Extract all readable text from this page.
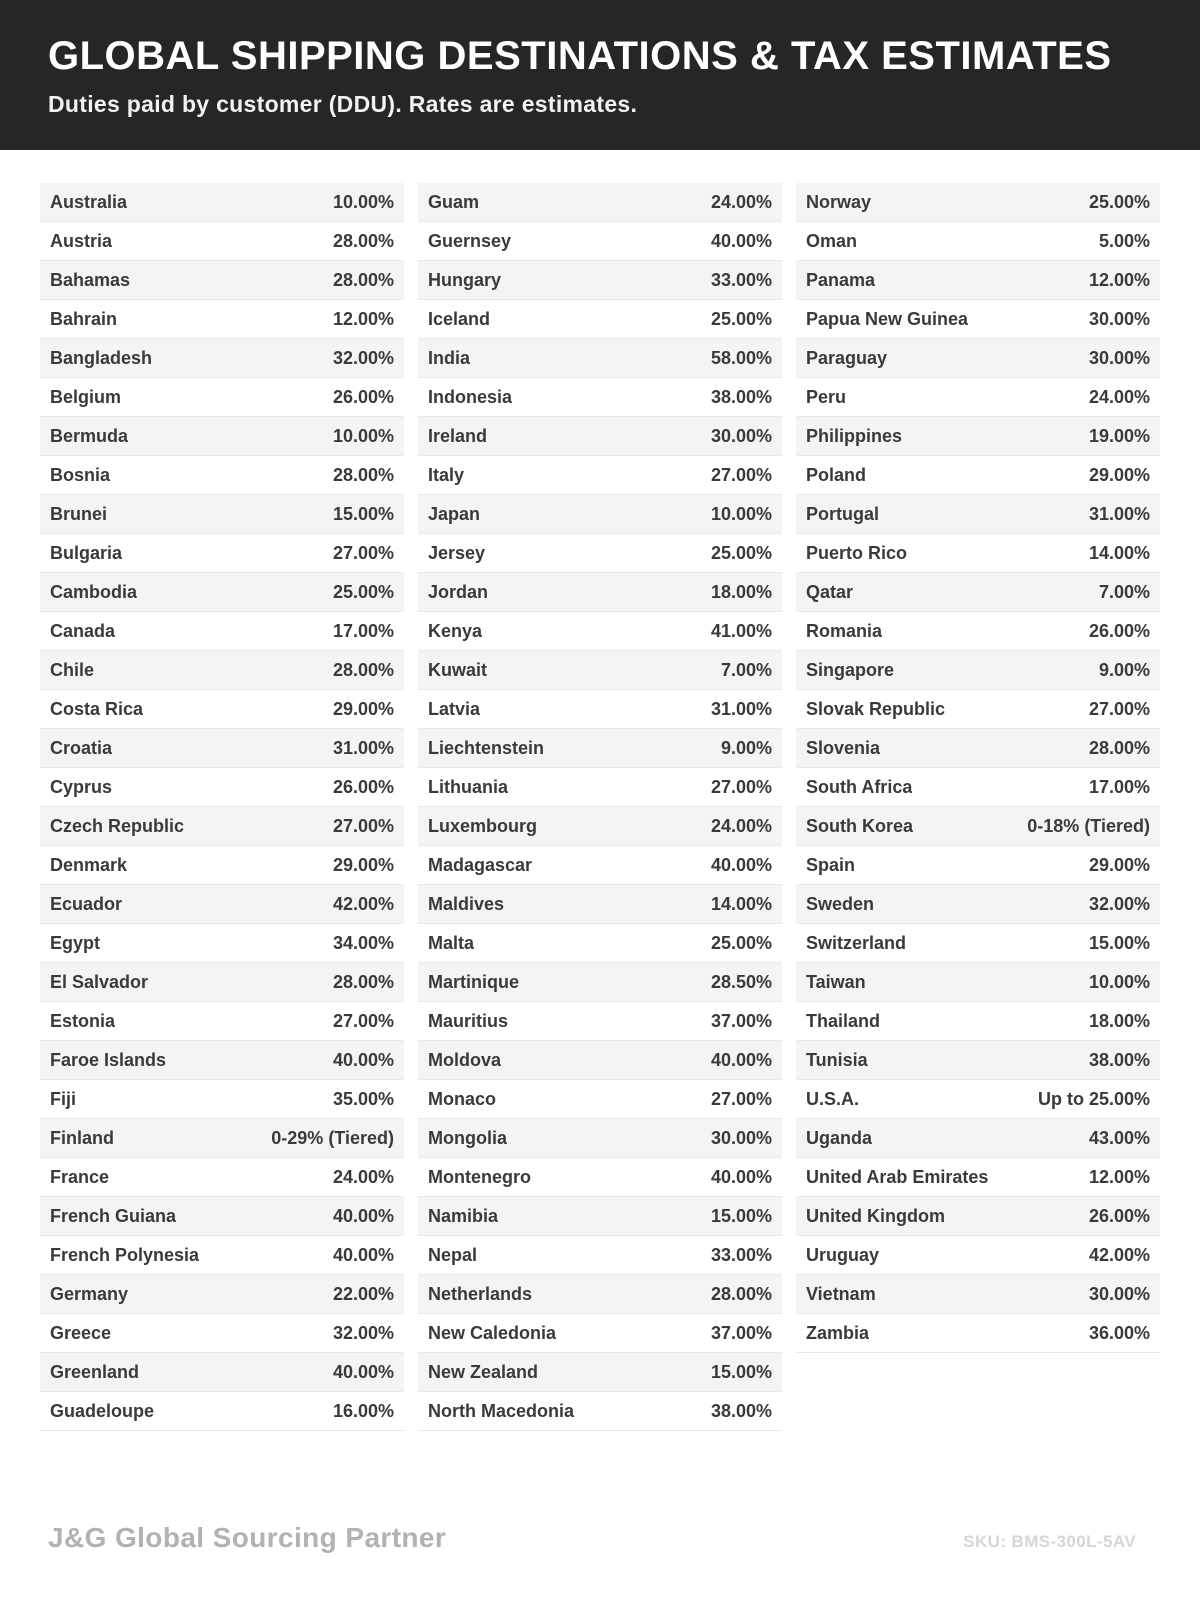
GLOBAL SHIPPING DESTINATIONS & TAX ESTIMATES
Duties paid by customer (DDU). Rates are estimates.
Australia	10.00%
Austria	28.00%
Bahamas	28.00%
Bahrain	12.00%
Bangladesh	32.00%
Belgium	26.00%
Bermuda	10.00%
Bosnia	28.00%
Brunei	15.00%
Bulgaria	27.00%
Cambodia	25.00%
Canada	17.00%
Chile	28.00%
Costa Rica	29.00%
Croatia	31.00%
Cyprus	26.00%
Czech Republic	27.00%
Denmark	29.00%
Ecuador	42.00%
Egypt	34.00%
El Salvador	28.00%
Estonia	27.00%
Faroe Islands	40.00%
Fiji	35.00%
Finland	0-29% (Tiered)
France	24.00%
French Guiana	40.00%
French Polynesia	40.00%
Germany	22.00%
Greece	32.00%
Greenland	40.00%
Guadeloupe	16.00%
Guam	24.00%
Guernsey	40.00%
Hungary	33.00%
Iceland	25.00%
India	58.00%
Indonesia	38.00%
Ireland	30.00%
Italy	27.00%
Japan	10.00%
Jersey	25.00%
Jordan	18.00%
Kenya	41.00%
Kuwait	7.00%
Latvia	31.00%
Liechtenstein	9.00%
Lithuania	27.00%
Luxembourg	24.00%
Madagascar	40.00%
Maldives	14.00%
Malta	25.00%
Martinique	28.50%
Mauritius	37.00%
Moldova	40.00%
Monaco	27.00%
Mongolia	30.00%
Montenegro	40.00%
Namibia	15.00%
Nepal	33.00%
Netherlands	28.00%
New Caledonia	37.00%
New Zealand	15.00%
North Macedonia	38.00%
Norway	25.00%
Oman	5.00%
Panama	12.00%
Papua New Guinea	30.00%
Paraguay	30.00%
Peru	24.00%
Philippines	19.00%
Poland	29.00%
Portugal	31.00%
Puerto Rico	14.00%
Qatar	7.00%
Romania	26.00%
Singapore	9.00%
Slovak Republic	27.00%
Slovenia	28.00%
South Africa	17.00%
South Korea	0-18% (Tiered)
Spain	29.00%
Sweden	32.00%
Switzerland	15.00%
Taiwan	10.00%
Thailand	18.00%
Tunisia	38.00%
U.S.A.	Up to 25.00%
Uganda	43.00%
United Arab Emirates	12.00%
United Kingdom	26.00%
Uruguay	42.00%
Vietnam	30.00%
Zambia	36.00%
J&G Global Sourcing Partner	SKU: BMS-300L-5AV
